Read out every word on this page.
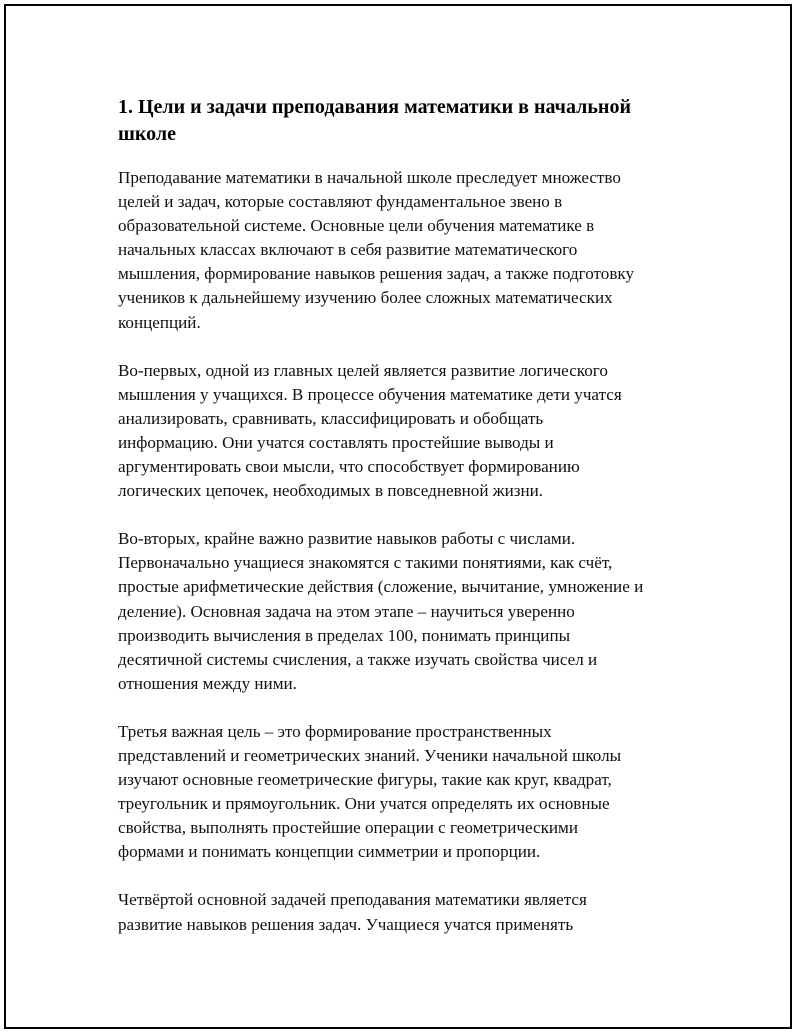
1. Цели и задачи преподавания математики в начальной
школе

Преподавание математики в начальной школе преследует множество
целей и задач, которые составляют фундаментальное звено в
образовательной системе. Основные цели обучения математике в
начальных классах включают в себя развитие математического
мышления, формирование навыков решения задач, а также подготовку
учеников к дальнейшему изучению более сложных математических
концепций.

Во-первых, одной из главных целей является развитие логического
мышления у учащихся. В процессе обучения математике дети учатся
анализировать, сравнивать, классифицировать и обобщать
информацию. Они учатся составлять простейшие выводы и
аргументировать свои мысли, что способствует формированию
логических цепочек, необходимых в повседневной жизни.

Во-вторых, крайне важно развитие навыков работы с числами.
Первоначально учащиеся знакомятся с такими понятиями, как счёт,
простые арифметические действия (сложение, вычитание, умножение и
деление). Основная задача на этом этапе – научиться уверенно
производить вычисления в пределах 100, понимать принципы
десятичной системы счисления, а также изучать свойства чисел и
отношения между ними.

Третья важная цель – это формирование пространственных
представлений и геометрических знаний. Ученики начальной школы
изучают основные геометрические фигуры, такие как круг, квадрат,
треугольник и прямоугольник. Они учатся определять их основные
свойства, выполнять простейшие операции с геометрическими
формами и понимать концепции симметрии и пропорции.

Четвёртой основной задачей преподавания математики является
развитие навыков решения задач. Учащиеся учатся применять
